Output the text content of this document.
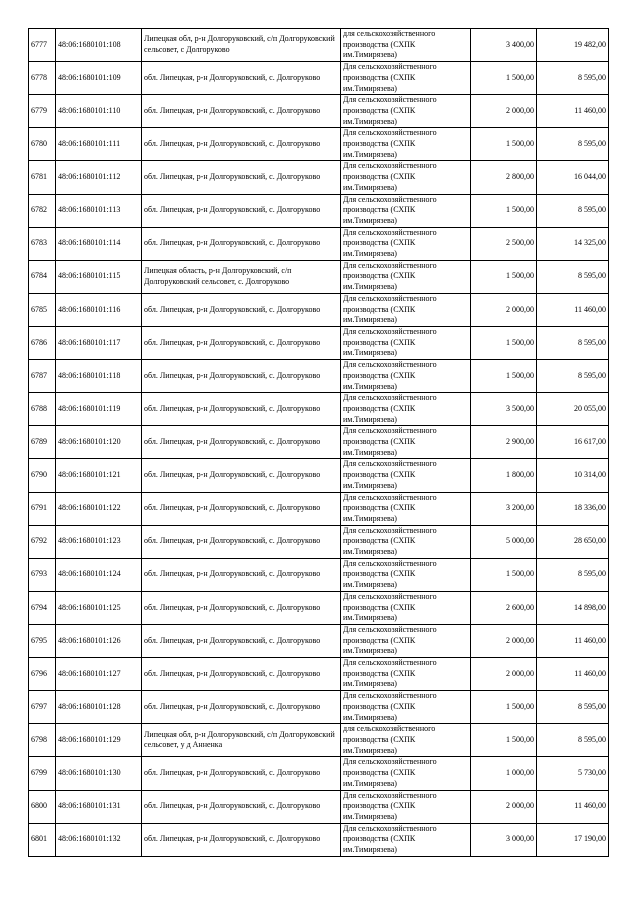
6777	48:06:1680101:108	Липецкая обл, р-н Долгоруковский, с/п Долгоруковский сельсовет, с Долгоруково	для сельскохозяйственного производства (СХПК им.Тимирязева)	3 400,00	19 482,00
6778	48:06:1680101:109	обл. Липецкая, р-н Долгоруковский, с. Долгоруково	Для сельскохозяйственного производства (СХПК им.Тимирязева)	1 500,00	8 595,00
6779	48:06:1680101:110	обл. Липецкая, р-н Долгоруковский, с. Долгоруково	Для сельскохозяйственного производства (СХПК им.Тимирязева)	2 000,00	11 460,00
6780	48:06:1680101:111	обл. Липецкая, р-н Долгоруковский, с. Долгоруково	Для сельскохозяйственного производства (СХПК им.Тимирязева)	1 500,00	8 595,00
6781	48:06:1680101:112	обл. Липецкая, р-н Долгоруковский, с. Долгоруково	Для сельскохозяйственного производства (СХПК им.Тимирязева)	2 800,00	16 044,00
6782	48:06:1680101:113	обл. Липецкая, р-н Долгоруковский, с. Долгоруково	Для сельскохозяйственного производства (СХПК им.Тимирязева)	1 500,00	8 595,00
6783	48:06:1680101:114	обл. Липецкая, р-н Долгоруковский, с. Долгоруково	Для сельскохозяйственного производства (СХПК им.Тимирязева)	2 500,00	14 325,00
6784	48:06:1680101:115	Липецкая область, р-н Долгоруковский, с/п Долгоруковский сельсовет, с. Долгоруково	Для сельскохозяйственного производства (СХПК им.Тимирязева)	1 500,00	8 595,00
6785	48:06:1680101:116	обл. Липецкая, р-н Долгоруковский, с. Долгоруково	Для сельскохозяйственного производства (СХПК им.Тимирязева)	2 000,00	11 460,00
6786	48:06:1680101:117	обл. Липецкая, р-н Долгоруковский, с. Долгоруково	Для сельскохозяйственного производства (СХПК им.Тимирязева)	1 500,00	8 595,00
6787	48:06:1680101:118	обл. Липецкая, р-н Долгоруковский, с. Долгоруково	Для сельскохозяйственного производства (СХПК им.Тимирязева)	1 500,00	8 595,00
6788	48:06:1680101:119	обл. Липецкая, р-н Долгоруковский, с. Долгоруково	Для сельскохозяйственного производства (СХПК им.Тимирязева)	3 500,00	20 055,00
6789	48:06:1680101:120	обл. Липецкая, р-н Долгоруковский, с. Долгоруково	Для сельскохозяйственного производства (СХПК им.Тимирязева)	2 900,00	16 617,00
6790	48:06:1680101:121	обл. Липецкая, р-н Долгоруковский, с. Долгоруково	Для сельскохозяйственного производства (СХПК им.Тимирязева)	1 800,00	10 314,00
6791	48:06:1680101:122	обл. Липецкая, р-н Долгоруковский, с. Долгоруково	Для сельскохозяйственного производства (СХПК им.Тимирязева)	3 200,00	18 336,00
6792	48:06:1680101:123	обл. Липецкая, р-н Долгоруковский, с. Долгоруково	Для сельскохозяйственного производства (СХПК им.Тимирязева)	5 000,00	28 650,00
6793	48:06:1680101:124	обл. Липецкая, р-н Долгоруковский, с. Долгоруково	Для сельскохозяйственного производства (СХПК им.Тимирязева)	1 500,00	8 595,00
6794	48:06:1680101:125	обл. Липецкая, р-н Долгоруковский, с. Долгоруково	Для сельскохозяйственного производства (СХПК им.Тимирязева)	2 600,00	14 898,00
6795	48:06:1680101:126	обл. Липецкая, р-н Долгоруковский, с. Долгоруково	Для сельскохозяйственного производства (СХПК им.Тимирязева)	2 000,00	11 460,00
6796	48:06:1680101:127	обл. Липецкая, р-н Долгоруковский, с. Долгоруково	Для сельскохозяйственного производства (СХПК им.Тимирязева)	2 000,00	11 460,00
6797	48:06:1680101:128	обл. Липецкая, р-н Долгоруковский, с. Долгоруково	Для сельскохозяйственного производства (СХПК им.Тимирязева)	1 500,00	8 595,00
6798	48:06:1680101:129	Липецкая обл, р-н Долгоруковский, с/п Долгоруковский сельсовет, у д Анненка	для сельскохозяйственного производства (СХПК им.Тимирязева)	1 500,00	8 595,00
6799	48:06:1680101:130	обл. Липецкая, р-н Долгоруковский, с. Долгоруково	Для сельскохозяйственного производства (СХПК им.Тимирязева)	1 000,00	5 730,00
6800	48:06:1680101:131	обл. Липецкая, р-н Долгоруковский, с. Долгоруково	Для сельскохозяйственного производства (СХПК им.Тимирязева)	2 000,00	11 460,00
6801	48:06:1680101:132	обл. Липецкая, р-н Долгоруковский, с. Долгоруково	Для сельскохозяйственного производства (СХПК им.Тимирязева)	3 000,00	17 190,00
